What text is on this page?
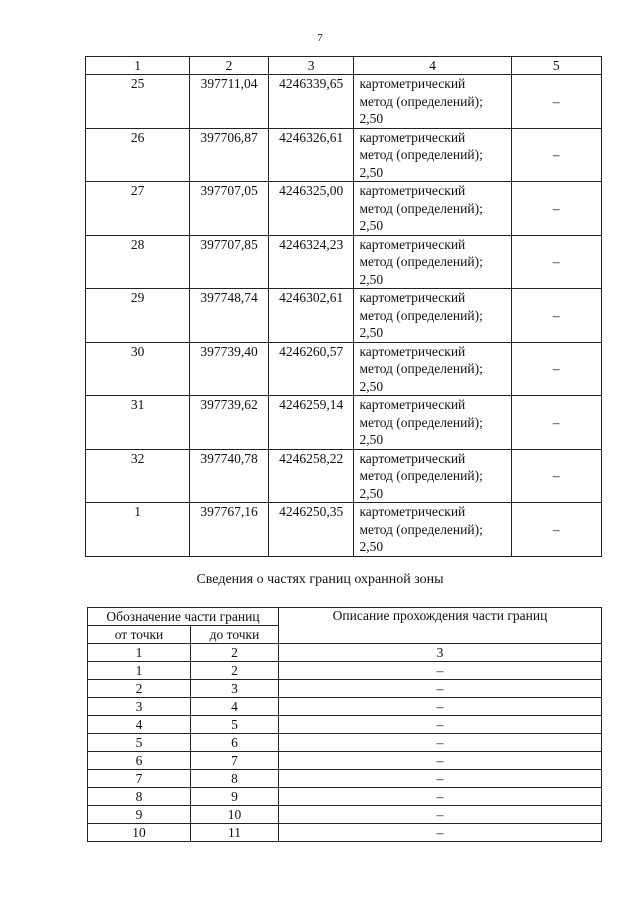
7
1	2	3	4	5
25	397711,04	4246339,65	картометрический
метод (определений);
2,50	–
26	397706,87	4246326,61	картометрический
метод (определений);
2,50	–
27	397707,05	4246325,00	картометрический
метод (определений);
2,50	–
28	397707,85	4246324,23	картометрический
метод (определений);
2,50	–
29	397748,74	4246302,61	картометрический
метод (определений);
2,50	–
30	397739,40	4246260,57	картометрический
метод (определений);
2,50	–
31	397739,62	4246259,14	картометрический
метод (определений);
2,50	–
32	397740,78	4246258,22	картометрический
метод (определений);
2,50	–
1	397767,16	4246250,35	картометрический
метод (определений);
2,50	–
Сведения о частях границ охранной зоны
Обозначение части границ		Описание прохождения части границ
от точки	до точки	
1	2	3
1	2	–
2	3	–
3	4	–
4	5	–
5	6	–
6	7	–
7	8	–
8	9	–
9	10	–
10	11	–
